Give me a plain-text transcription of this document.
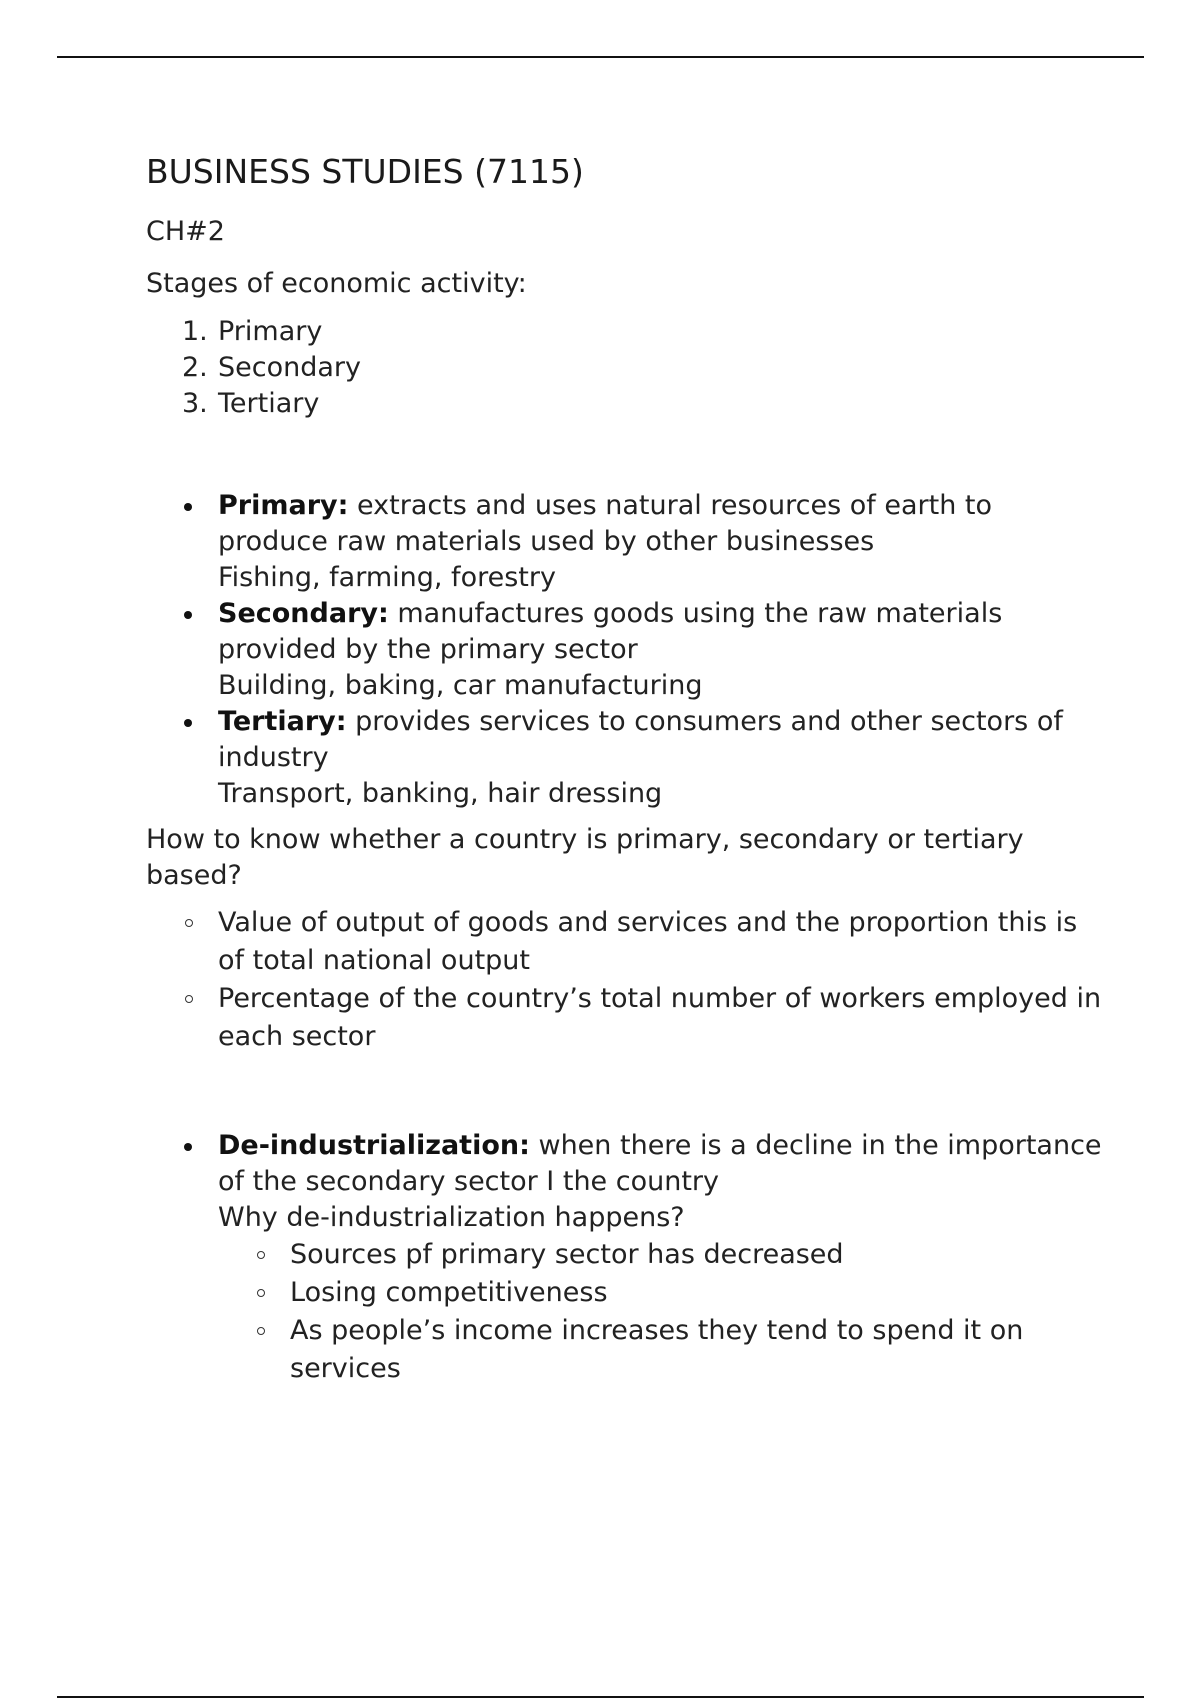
BUSINESS STUDIES (7115)

CH#2

Stages of economic activity:

1. Primary
2. Secondary
3. Tertiary
Primary: extracts and uses natural resources of earth to produce raw materials used by other businesses
Fishing, farming, forestry
Secondary: manufactures goods using the raw materials provided by the primary sector
Building, baking, car manufacturing
Tertiary: provides services to consumers and other sectors of industry
Transport, banking, hair dressing

How to know whether a country is primary, secondary or tertiary based?

Value of output of goods and services and the proportion this is of total national output
Percentage of the country’s total number of workers employed in each sector
De-industrialization: when there is a decline in the importance of the secondary sector I the country
Why de-industrialization happens?
Sources pf primary sector has decreased
Losing competitiveness
As people’s income increases they tend to spend it on services
